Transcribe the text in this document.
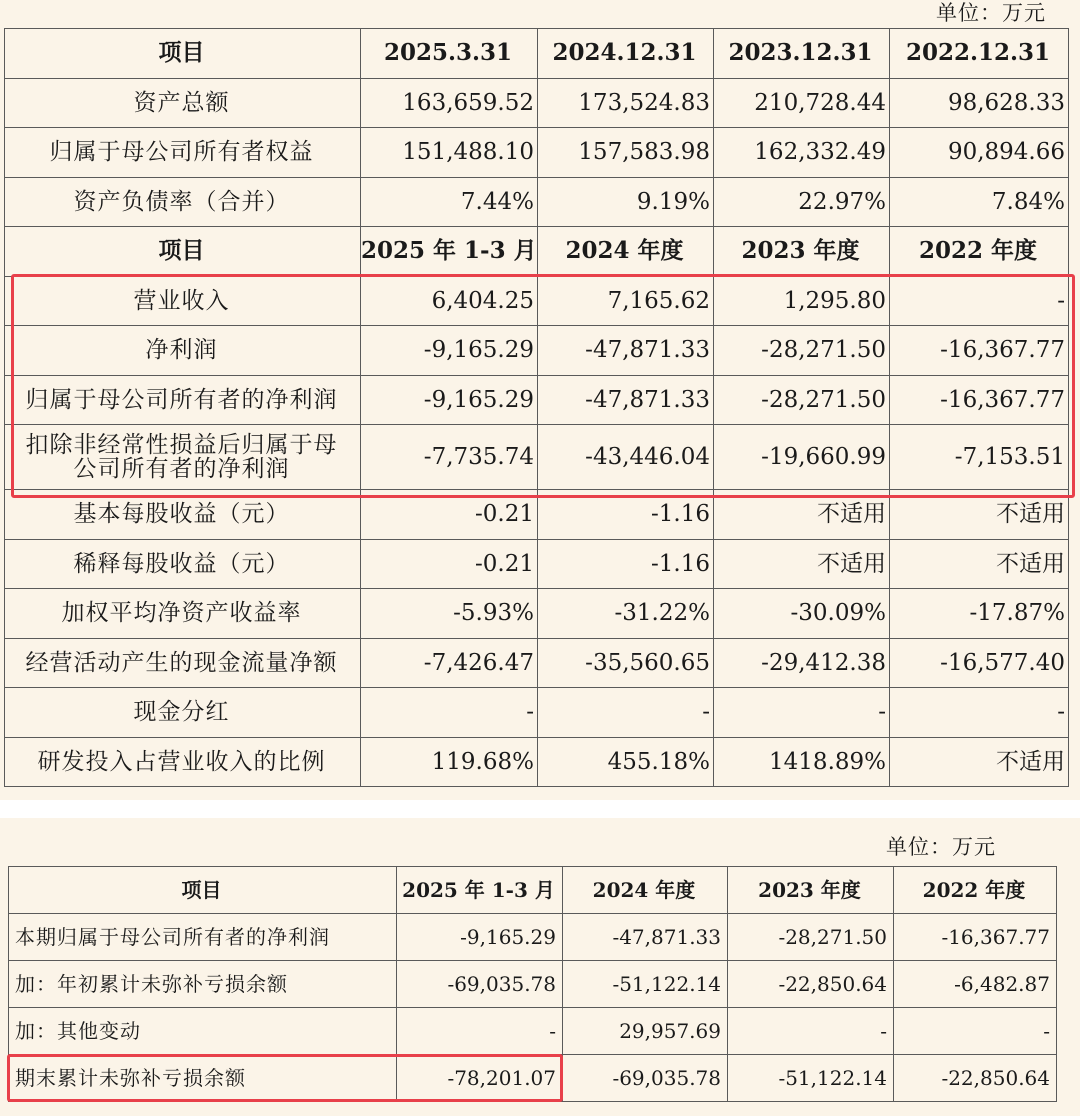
单位：万元
项目	2025.3.31	2024.12.31	2023.12.31	2022.12.31
资产总额	163,659.52	173,524.83	210,728.44	98,628.33
归属于母公司所有者权益	151,488.10	157,583.98	162,332.49	90,894.66
资产负债率（合并）	7.44%	9.19%	22.97%	7.84%
项目	2025 年 1-3 月	2024 年度	2023 年度	2022 年度
营业收入	6,404.25	7,165.62	1,295.80	-
净利润	-9,165.29	-47,871.33	-28,271.50	-16,367.77
归属于母公司所有者的净利润	-9,165.29	-47,871.33	-28,271.50	-16,367.77

扣除非经常性损益后归属于母
公司所有者的净利润	-7,735.74	-43,446.04	-19,660.99	-7,153.51
基本每股收益（元）	-0.21	-1.16	不适用	不适用
稀释每股收益（元）	-0.21	-1.16	不适用	不适用
加权平均净资产收益率	-5.93%	-31.22%	-30.09%	-17.87%
经营活动产生的现金流量净额	-7,426.47	-35,560.65	-29,412.38	-16,577.40
现金分红	-	-	-	-
研发投入占营业收入的比例	119.68%	455.18%	1418.89%	不适用
单位：万元
项目	2025 年 1-3 月	2024 年度	2023 年度	2022 年度
本期归属于母公司所有者的净利润	-9,165.29	-47,871.33	-28,271.50	-16,367.77
加：年初累计未弥补亏损余额	-69,035.78	-51,122.14	-22,850.64	-6,482.87
加：其他变动	-	29,957.69	-	-
期末累计未弥补亏损余额	-78,201.07	-69,035.78	-51,122.14	-22,850.64
